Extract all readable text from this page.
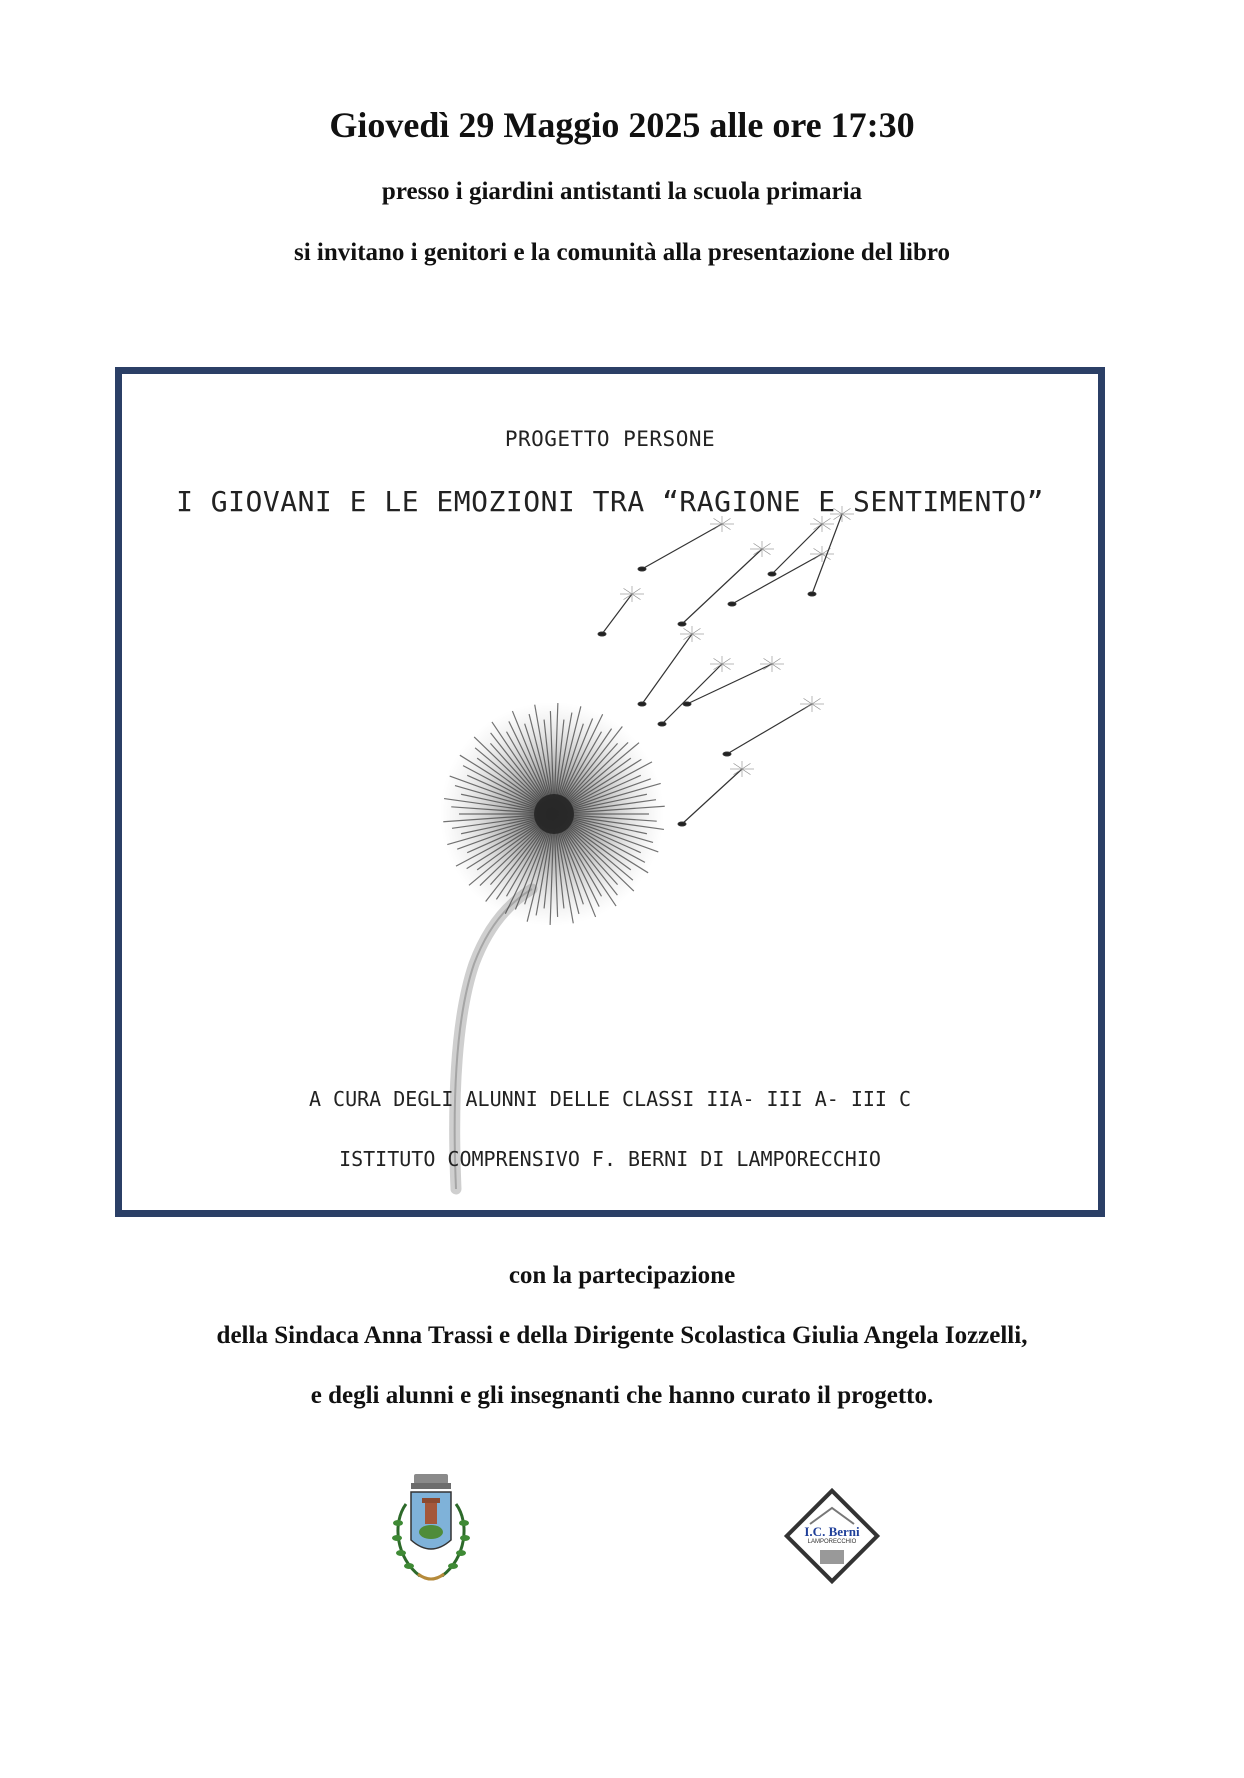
Giovedì 29 Maggio 2025 alle ore 17:30
presso i giardini antistanti la scuola primaria
si invitano i genitori e la comunità alla presentazione del libro
PROGETTO PERSONE
I GIOVANI E LE EMOZIONI TRA “RAGIONE E SENTIMENTO”
A CURA DEGLI ALUNNI DELLE CLASSI IIA- III A- III C
ISTITUTO COMPRENSIVO F. BERNI DI LAMPORECCHIO
con la partecipazione
della Sindaca Anna Trassi e della Dirigente Scolastica Giulia Angela Iozzelli,
e degli alunni e gli insegnanti che hanno curato il progetto.
I.C. Berni
LAMPORECCHIO
